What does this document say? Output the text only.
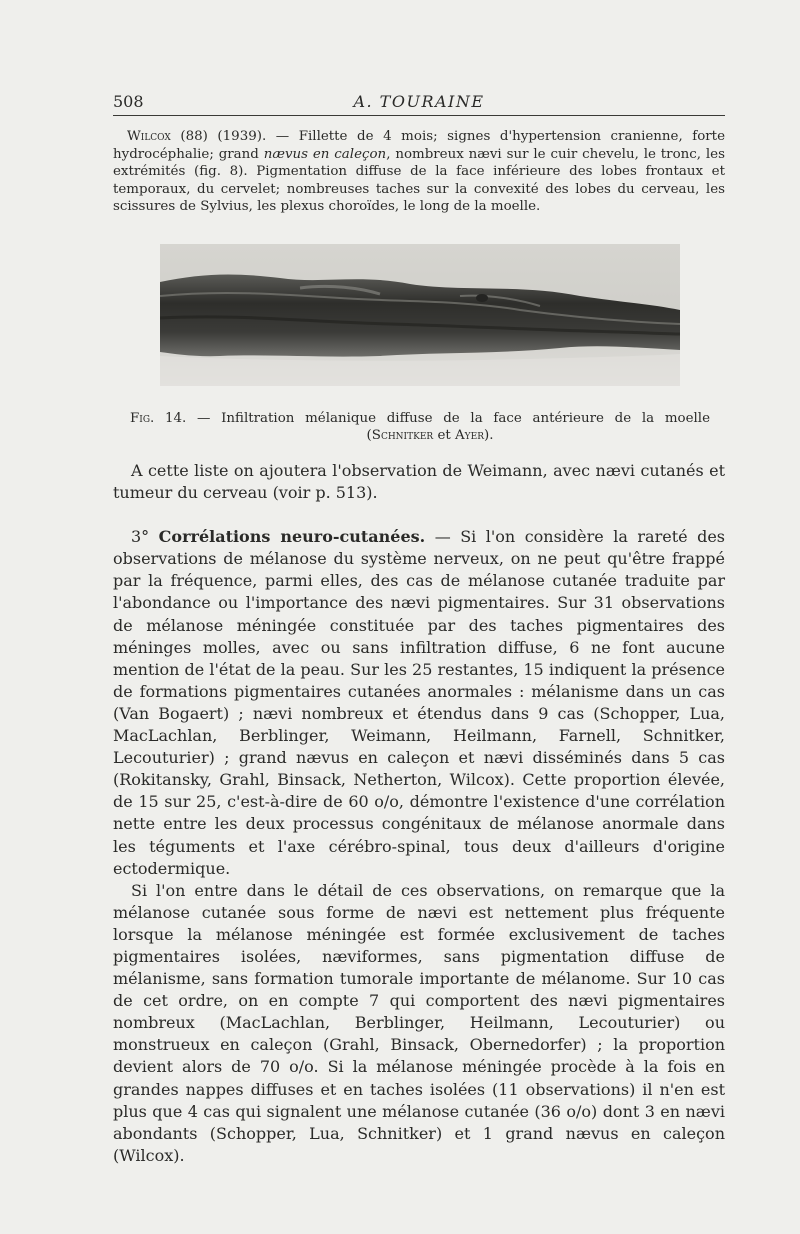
508	A. TOURAINE

Wilcox (88) (1939). — Fillette de 4 mois; signes d'hypertension cranienne, forte hydrocéphalie; grand nævus en caleçon, nombreux nævi sur le cuir chevelu, le tronc, les extrémités (fig. 8). Pigmentation diffuse de la face inférieure des lobes frontaux et temporaux, du cervelet; nombreuses taches sur la convexité des lobes du cerveau, les scissures de Sylvius, les plexus choroïdes, le long de la moelle.

Fig. 14. — Infiltration mélanique diffuse de la face antérieure de la moelle
(Schnitker et Ayer).

A cette liste on ajoutera l'observation de Weimann, avec nævi cutanés et tumeur du cerveau (voir p. 513).

3° Corrélations neuro-cutanées. — Si l'on considère la rareté des observations de mélanose du système nerveux, on ne peut qu'être frappé par la fréquence, parmi elles, des cas de mélanose cutanée traduite par l'abondance ou l'importance des nævi pigmentaires. Sur 31 observations de mélanose méningée constituée par des taches pigmentaires des méninges molles, avec ou sans infiltration diffuse, 6 ne font aucune mention de l'état de la peau. Sur les 25 restantes, 15 indiquent la présence de formations pigmentaires cutanées anormales : mélanisme dans un cas (Van Bogaert) ; nævi nombreux et étendus dans 9 cas (Schopper, Lua, MacLachlan, Berblinger, Weimann, Heilmann, Farnell, Schnitker, Lecouturier) ; grand nævus en caleçon et nævi disséminés dans 5 cas (Rokitansky, Grahl, Binsack, Netherton, Wilcox). Cette proportion élevée, de 15 sur 25, c'est-à-dire de 60 o/o, démontre l'existence d'une corrélation nette entre les deux processus congénitaux de mélanose anormale dans les téguments et l'axe cérébro-spinal, tous deux d'ailleurs d'origine ectodermique.

Si l'on entre dans le détail de ces observations, on remarque que la mélanose cutanée sous forme de nævi est nettement plus fréquente lorsque la mélanose méningée est formée exclusivement de taches pigmentaires isolées, næviformes, sans pigmentation diffuse de mélanisme, sans formation tumorale importante de mélanome. Sur 10 cas de cet ordre, on en compte 7 qui comportent des nævi pigmentaires nombreux (MacLachlan, Berblinger, Heilmann, Lecouturier) ou monstrueux en caleçon (Grahl, Binsack, Obernedorfer) ; la proportion devient alors de 70 o/o. Si la mélanose méningée procède à la fois en grandes nappes diffuses et en taches isolées (11 observations) il n'en est plus que 4 cas qui signalent une mélanose cutanée (36 o/o) dont 3 en nævi abondants (Schopper, Lua, Schnitker) et 1 grand nævus en caleçon (Wilcox).
